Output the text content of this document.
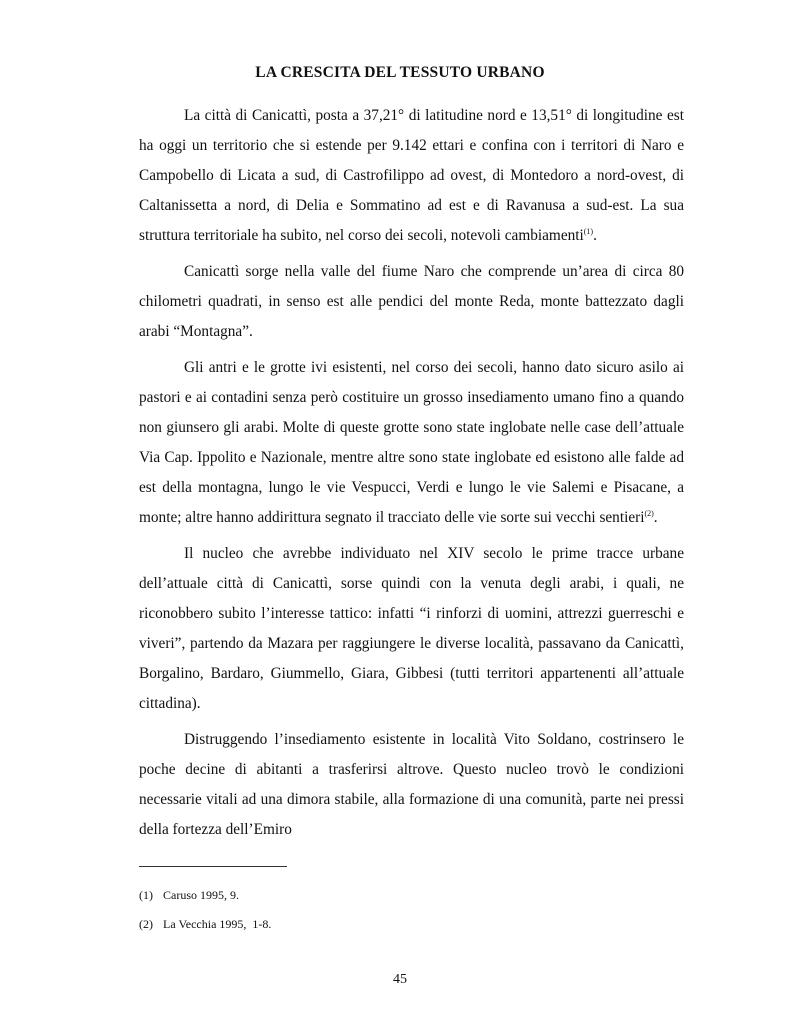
LA CRESCITA DEL TESSUTO URBANO

La città di Canicattì, posta a 37,21° di latitudine nord e 13,51° di longitudine est ha oggi un territorio che si estende per 9.142 ettari e confina con i territori di Naro e Campobello di Licata a sud, di Castrofilippo ad ovest, di Montedoro a nord-ovest, di Caltanissetta a nord, di Delia e Sommatino ad est e di Ravanusa a sud-est. La sua struttura territoriale ha subito, nel corso dei secoli, notevoli cambiamenti$^{(1)}$.

Canicattì sorge nella valle del fiume Naro che comprende un’area di circa 80 chilometri quadrati, in senso est alle pendici del monte Reda, monte battezzato dagli arabi “Montagna”.

Gli antri e le grotte ivi esistenti, nel corso dei secoli, hanno dato sicuro asilo ai pastori e ai contadini senza però costituire un grosso insediamento umano fino a quando non giunsero gli arabi. Molte di queste grotte sono state inglobate nelle case dell’attuale Via Cap. Ippolito e Nazionale, mentre altre sono state inglobate ed esistono alle falde ad est della montagna, lungo le vie Vespucci, Verdi e lungo le vie Salemi e Pisacane, a monte; altre hanno addirittura segnato il tracciato delle vie sorte sui vecchi sentieri$^{(2)}$.

Il nucleo che avrebbe individuato nel XIV secolo le prime tracce urbane dell’attuale città di Canicattì, sorse quindi con la venuta degli arabi, i quali, ne riconobbero subito l’interesse tattico: infatti “i rinforzi di uomini, attrezzi guerreschi e viveri”, partendo da Mazara per raggiungere le diverse località, passavano da Canicattì, Borgalino, Bardaro, Giummello, Giara, Gibbesi (tutti territori appartenenti all’attuale cittadina).

Distruggendo l’insediamento esistente in località Vito Soldano, costrinsero le poche decine di abitanti a trasferirsi altrove. Questo nucleo trovò le condizioni necessarie vitali ad una dimora stabile, alla formazione di una comunità, parte nei pressi della fortezza dell’Emiro

(1) Caruso 1995, 9.
(2) La Vecchia 1995,  1-8.
45
